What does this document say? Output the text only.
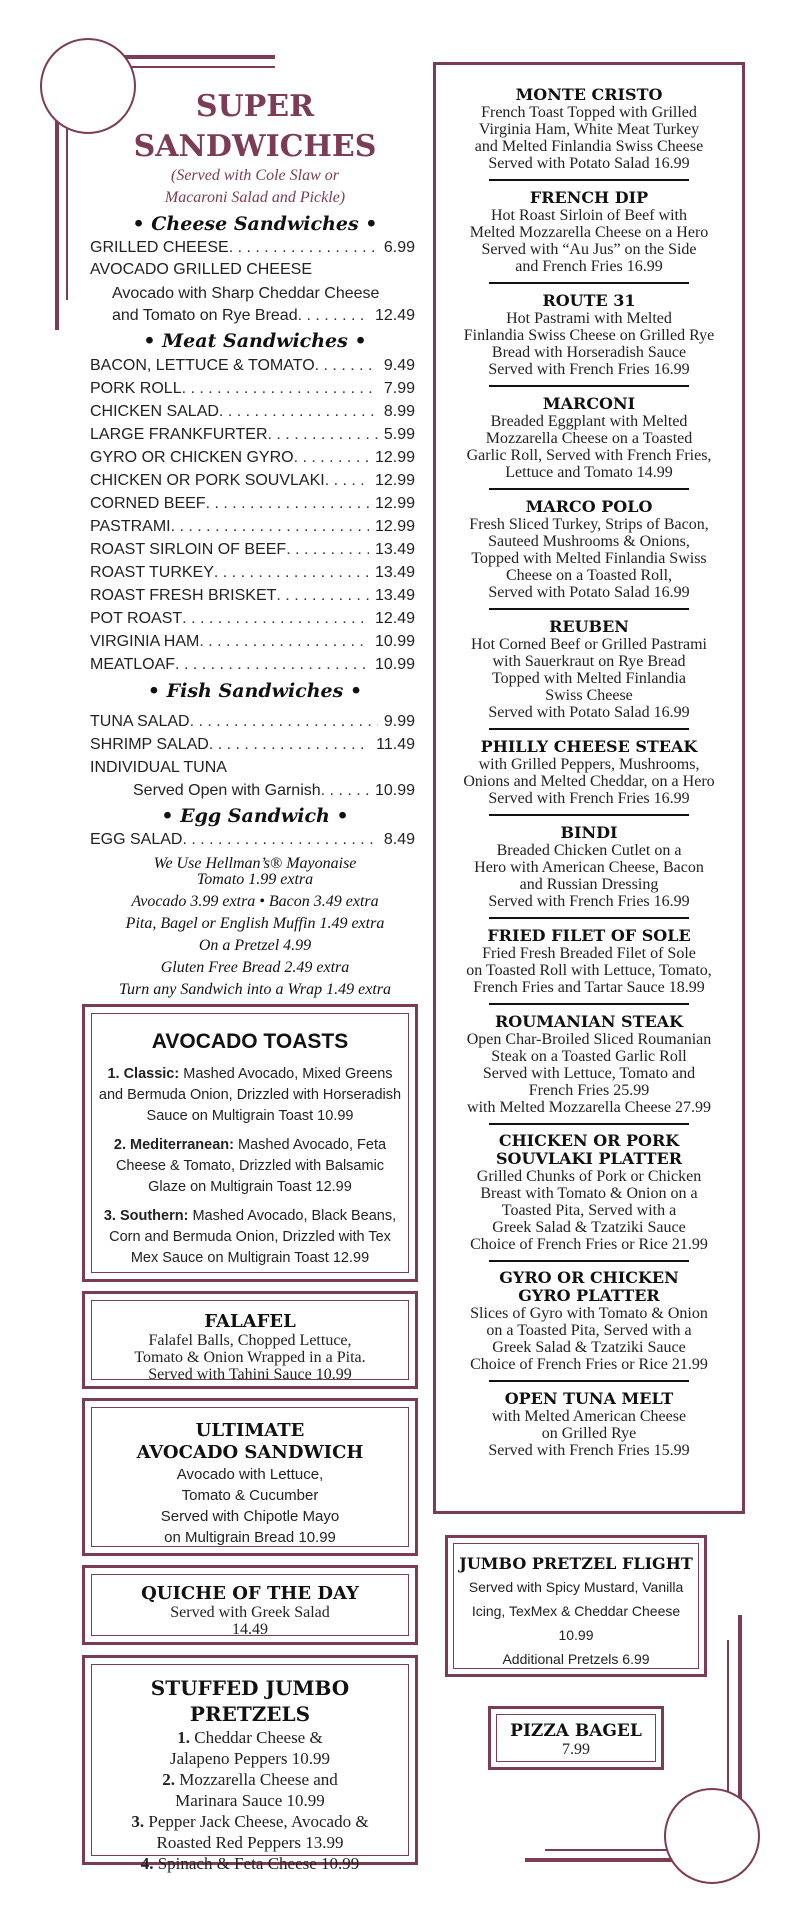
SUPER
SANDWICHES
(Served with Cole Slaw or
Macaroni Salad and Pickle)
• Cheese Sandwiches •
GRILLED CHEESE . . .	6.99
AVOCADO GRILLED CHEESE
Avocado with Sharp Cheddar Cheese
and Tomato on Rye Bread . . .	12.49
• Meat Sandwiches •
BACON, LETTUCE & TOMATO . . .	9.49
PORK ROLL . . .	7.99
CHICKEN SALAD . . .	8.99
LARGE FRANKFURTER . . .	5.99
GYRO OR CHICKEN GYRO . . .	12.99
CHICKEN OR PORK SOUVLAKI . . .	12.99
CORNED BEEF . . .	12.99
PASTRAMI . . .	12.99
ROAST SIRLOIN OF BEEF . . .	13.49
ROAST TURKEY . . .	13.49
ROAST FRESH BRISKET . . .	13.49
POT ROAST . . .	12.49
VIRGINIA HAM . . .	10.99
MEATLOAF . . .	10.99
• Fish Sandwiches •
TUNA SALAD . . .	9.99
SHRIMP SALAD . . .	11.49
INDIVIDUAL TUNA
Served Open with Garnish . . .	10.99
• Egg Sandwich •
EGG SALAD . . .	8.49
We Use Hellman’s® Mayonaise
Tomato 1.99 extra
Avocado 3.99 extra • Bacon 3.49 extra
Pita, Bagel or English Muffin 1.49 extra
On a Pretzel 4.99
Gluten Free Bread 2.49 extra
Turn any Sandwich into a Wrap 1.49 extra
AVOCADO TOASTS
1. Classic: Mashed Avocado, Mixed Greens and Bermuda Onion, Drizzled with Horseradish Sauce on Multigrain Toast 10.99
2. Mediterranean: Mashed Avocado, Feta Cheese & Tomato, Drizzled with Balsamic Glaze on Multigrain Toast 12.99
3. Southern: Mashed Avocado, Black Beans, Corn and Bermuda Onion, Drizzled with Tex Mex Sauce on Multigrain Toast 12.99
FALAFEL
Falafel Balls, Chopped Lettuce,
Tomato & Onion Wrapped in a Pita.
Served with Tahini Sauce 10.99
ULTIMATE
AVOCADO SANDWICH
Avocado with Lettuce,
Tomato & Cucumber
Served with Chipotle Mayo
on Multigrain Bread 10.99
QUICHE OF THE DAY
Served with Greek Salad
14.49
STUFFED JUMBO PRETZELS
1. Cheddar Cheese &
Jalapeno Peppers 10.99
2. Mozzarella Cheese and
Marinara Sauce 10.99
3. Pepper Jack Cheese, Avocado &
Roasted Red Peppers 13.99
4. Spinach & Feta Cheese 10.99
MONTE CRISTO
French Toast Topped with Grilled
Virginia Ham, White Meat Turkey
and Melted Finlandia Swiss Cheese
Served with Potato Salad 16.99
FRENCH DIP
Hot Roast Sirloin of Beef with
Melted Mozzarella Cheese on a Hero
Served with “Au Jus” on the Side
and French Fries 16.99
ROUTE 31
Hot Pastrami with Melted
Finlandia Swiss Cheese on Grilled Rye
Bread with Horseradish Sauce
Served with French Fries 16.99
MARCONI
Breaded Eggplant with Melted
Mozzarella Cheese on a Toasted
Garlic Roll, Served with French Fries,
Lettuce and Tomato 14.99
MARCO POLO
Fresh Sliced Turkey, Strips of Bacon,
Sauteed Mushrooms & Onions,
Topped with Melted Finlandia Swiss
Cheese on a Toasted Roll,
Served with Potato Salad 16.99
REUBEN
Hot Corned Beef or Grilled Pastrami
with Sauerkraut on Rye Bread
Topped with Melted Finlandia
Swiss Cheese
Served with Potato Salad 16.99
PHILLY CHEESE STEAK
with Grilled Peppers, Mushrooms,
Onions and Melted Cheddar, on a Hero
Served with French Fries 16.99
BINDI
Breaded Chicken Cutlet on a
Hero with American Cheese, Bacon
and Russian Dressing
Served with French Fries 16.99
FRIED FILET OF SOLE
Fried Fresh Breaded Filet of Sole
on Toasted Roll with Lettuce, Tomato,
French Fries and Tartar Sauce 18.99
ROUMANIAN STEAK
Open Char-Broiled Sliced Roumanian
Steak on a Toasted Garlic Roll
Served with Lettuce, Tomato and
French Fries 25.99
with Melted Mozzarella Cheese 27.99
CHICKEN OR PORK SOUVLAKI PLATTER
Grilled Chunks of Pork or Chicken
Breast with Tomato & Onion on a
Toasted Pita, Served with a
Greek Salad & Tzatziki Sauce
Choice of French Fries or Rice 21.99
GYRO OR CHICKEN GYRO PLATTER
Slices of Gyro with Tomato & Onion
on a Toasted Pita, Served with a
Greek Salad & Tzatziki Sauce
Choice of French Fries or Rice 21.99
OPEN TUNA MELT
with Melted American Cheese
on Grilled Rye
Served with French Fries 15.99
JUMBO PRETZEL FLIGHT
Served with Spicy Mustard, Vanilla
Icing, TexMex & Cheddar Cheese
10.99
Additional Pretzels 6.99
PIZZA BAGEL
7.99
